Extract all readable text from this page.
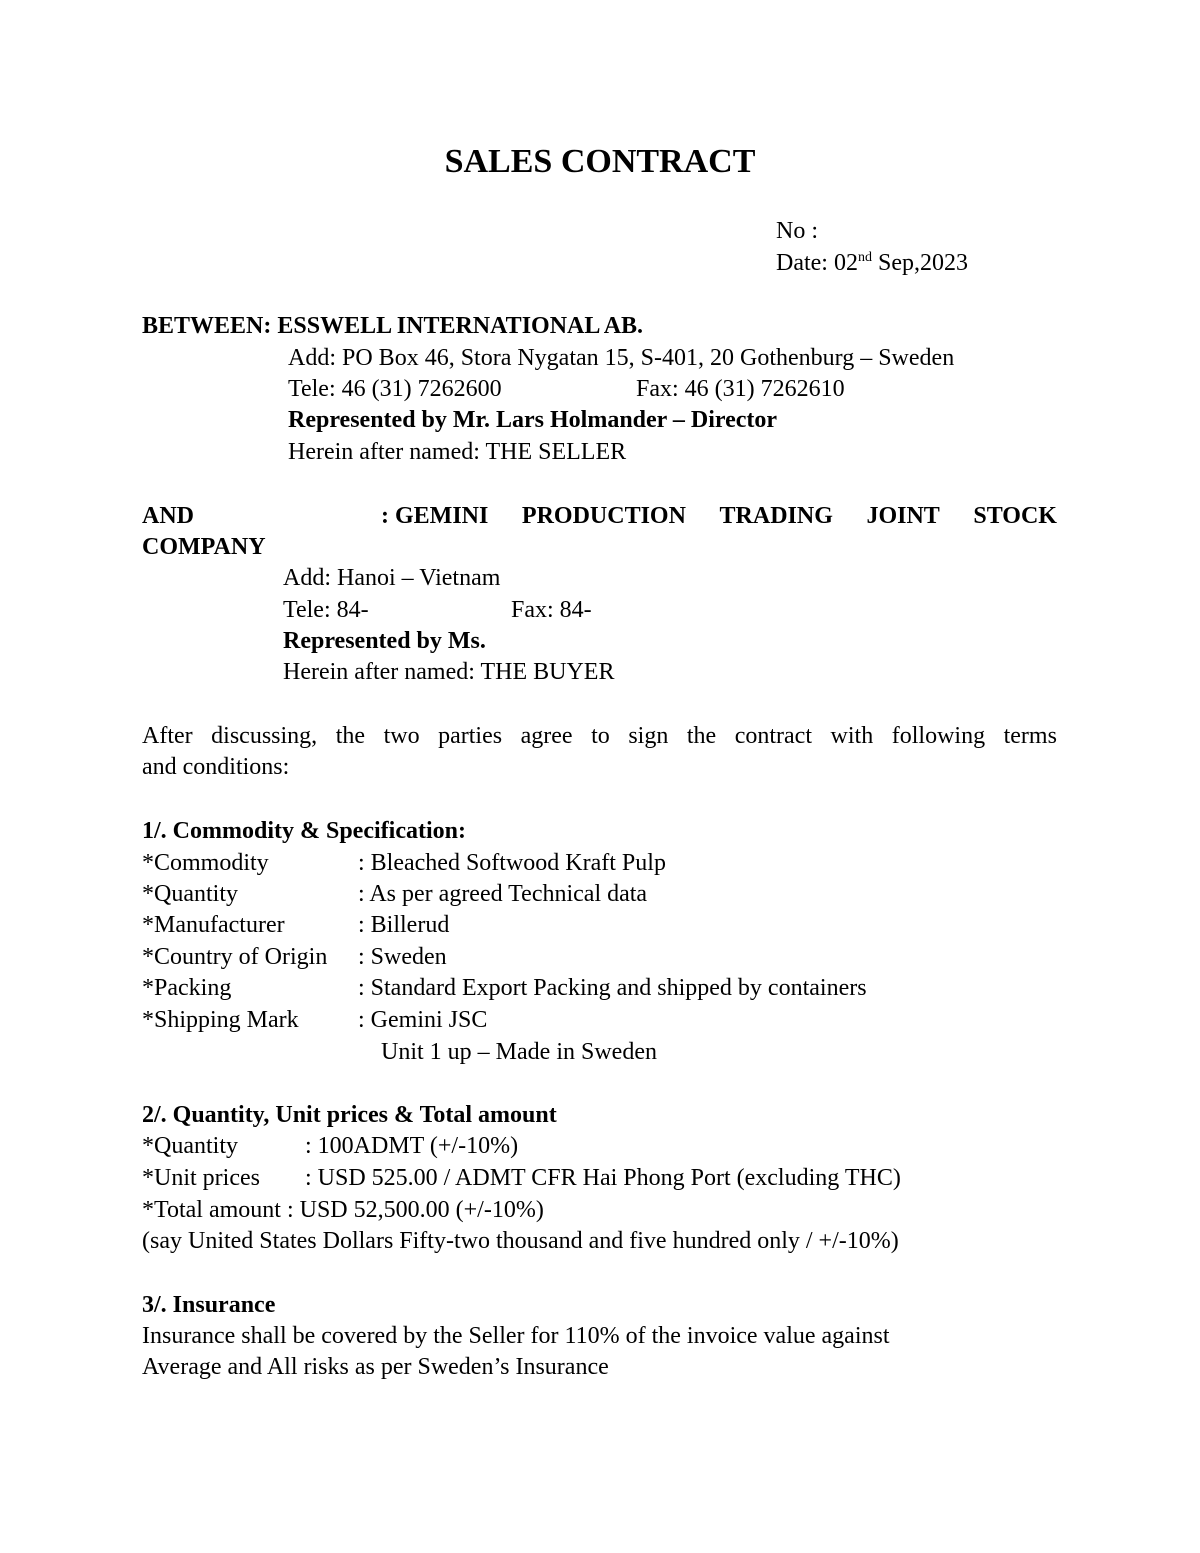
SALES CONTRACT
No :
Date: 02nd Sep,2023
BETWEEN: ESSWELL INTERNATIONAL AB.
Add: PO Box 46, Stora Nygatan 15, S-401, 20 Gothenburg – Sweden
Tele: 46 (31) 7262600	Fax: 46 (31) 7262610
Represented by Mr. Lars Holmander – Director
Herein after named: THE SELLER
AND	: GEMINI PRODUCTION TRADING JOINT STOCK
COMPANY
Add: Hanoi – Vietnam
Tele: 84-	Fax: 84-
Represented by Ms.
Herein after named: THE BUYER
After discussing, the two parties agree to sign the contract with following terms
and conditions:
1/. Commodity & Specification:
*Commodity	: Bleached Softwood Kraft Pulp
*Quantity	: As per agreed Technical data
*Manufacturer	: Billerud
*Country of Origin : Sweden
*Packing	: Standard Export Packing and shipped by containers
*Shipping Mark : Gemini JSC
Unit 1 up – Made in Sweden
2/. Quantity, Unit prices & Total amount
*Quantity	: 100ADMT (+/-10%)
*Unit prices : USD 525.00 / ADMT CFR Hai Phong Port (excluding THC)
*Total amount : USD 52,500.00 (+/-10%)
(say United States Dollars Fifty-two thousand and five hundred only / +/-10%)
3/. Insurance
Insurance shall be covered by the Seller for 110% of the invoice value against
Average and All risks as per Sweden’s Insurance
